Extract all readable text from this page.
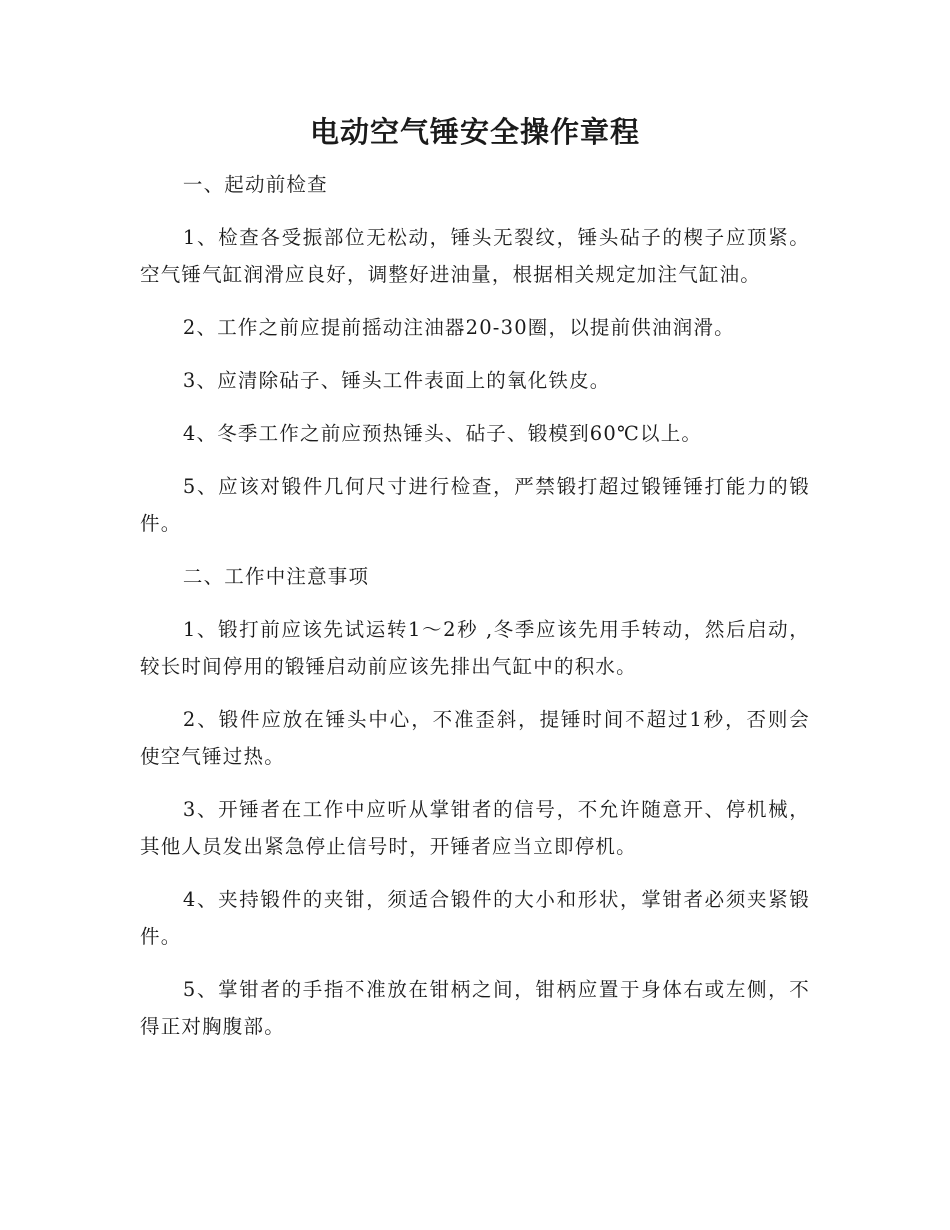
电动空气锤安全操作章程

一、起动前检查

1、检查各受振部位无松动，锤头无裂纹，锤头砧子的楔子应顶紧。空气锤气缸润滑应良好，调整好进油量，根据相关规定加注气缸油。

2、工作之前应提前摇动注油器20-30圈，以提前供油润滑。

3、应清除砧子、锤头工件表面上的氧化铁皮。

4、冬季工作之前应预热锤头、砧子、锻模到60℃以上。

5、应该对锻件几何尺寸进行检查，严禁锻打超过锻锤锤打能力的锻件。

二、工作中注意事项

1、锻打前应该先试运转1～2秒 ,冬季应该先用手转动，然后启动，较长时间停用的锻锤启动前应该先排出气缸中的积水。

2、锻件应放在锤头中心，不准歪斜，提锤时间不超过1秒，否则会使空气锤过热。

3、开锤者在工作中应听从掌钳者的信号，不允许随意开、停机械，其他人员发出紧急停止信号时，开锤者应当立即停机。

4、夹持锻件的夹钳，须适合锻件的大小和形状，掌钳者必须夹紧锻件。

5、掌钳者的手指不准放在钳柄之间，钳柄应置于身体右或左侧，不得正对胸腹部。
